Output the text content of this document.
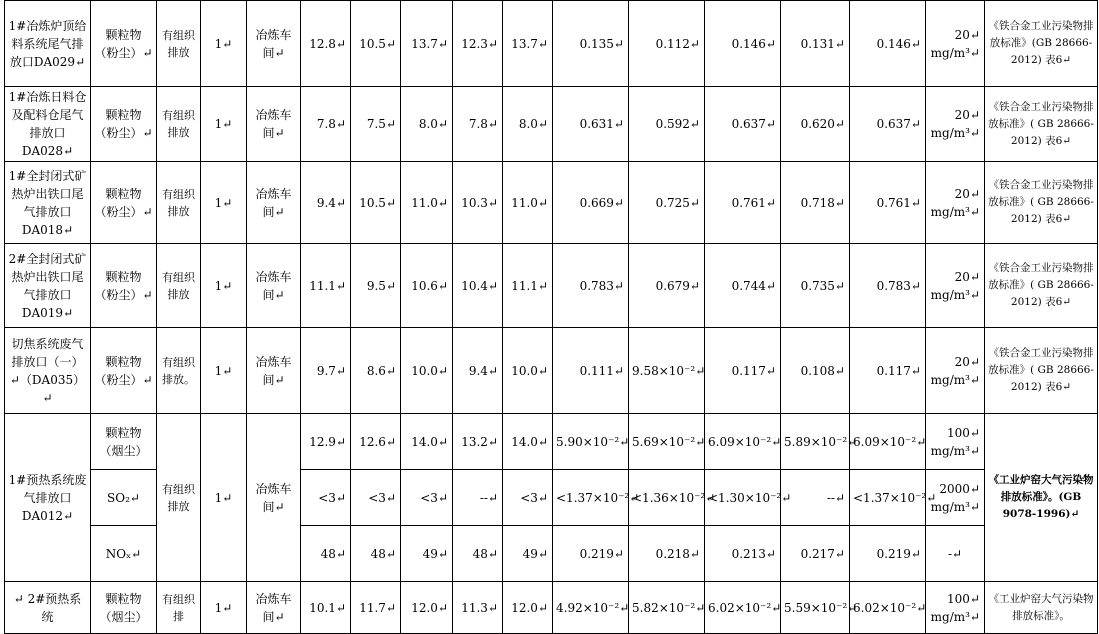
1#冶炼炉顶给料系统尾气排放口DA029↵	颗粒物（粉尘）↵	有组织排放	1↵	冶炼车间↵	12.8↵	10.5↵	13.7↵	12.3↵	13.7↵	0.135↵	0.112↵	0.146↵	0.131↵	0.146↵	20↵ mg/m³↵	《铁合金工业污染物排放标准》(GB 28666-2012) 表6↵
1#冶炼日料仓及配料仓尾气排放口DA028↵	颗粒物（粉尘）↵	有组织排放	1↵	冶炼车间↵	7.8↵	7.5↵	8.0↵	7.8↵	8.0↵	0.631↵	0.592↵	0.637↵	0.620↵	0.637↵	20↵ mg/m³↵	《铁合金工业污染物排放标准》( GB 28666-2012) 表6↵
1#全封闭式矿热炉出铁口尾气排放口DA018↵	颗粒物（粉尘）↵	有组织排放	1↵	冶炼车间↵	9.4↵	10.5↵	11.0↵	10.3↵	11.0↵	0.669↵	0.725↵	0.761↵	0.718↵	0.761↵	20↵ mg/m³↵	《铁合金工业污染物排放标准》( GB 28666-2012) 表6↵
2#全封闭式矿热炉出铁口尾气排放口DA019↵	颗粒物（粉尘）↵	有组织排放	1↵	冶炼车间↵	11.1↵	9.5↵	10.6↵	10.4↵	11.1↵	0.783↵	0.679↵	0.744↵	0.735↵	0.783↵	20↵ mg/m³↵	《铁合金工业污染物排放标准》( GB 28666-2012) 表6↵
切焦系统废气排放口（一）↵（DA035）↵	颗粒物（粉尘）↵	有组织排放。	1↵	冶炼车间↵	9.7↵	8.6↵	10.0↵	9.4↵	10.0↵	0.111↵	9.58×10⁻²↵	0.117↵	0.108↵	0.117↵	20↵ mg/m³↵	《铁合金工业污染物排放标准》( GB 28666-2012) 表6↵
1#预热系统废气排放口DA012↵	颗粒物（烟尘）	有组织排放	1↵	冶炼车间↵	12.9↵	12.6↵	14.0↵	13.2↵	14.0↵	5.90×10⁻²↵	5.69×10⁻²↵	6.09×10⁻²↵	5.89×10⁻²↵	6.09×10⁻²↵	100↵ mg/m³↵	《工业炉窑大气污染物排放标准》。(GB 9078-1996)↵
	SO₂↵				<3↵	<3↵	<3↵	--↵	<3↵	<1.37×10⁻²↵	<1.36×10⁻²↵	<1.30×10⁻²↵	--↵	<1.37×10⁻²↵	2000↵ mg/m³↵	
	NOₓ↵				48↵	48↵	49↵	48↵	49↵	0.219↵	0.218↵	0.213↵	0.217↵	0.219↵	-↵	
↵ 2#预热系统	颗粒物（烟尘）	有组织排	1↵	冶炼车间↵	10.1↵	11.7↵	12.0↵	11.3↵	12.0↵	4.92×10⁻²↵	5.82×10⁻²↵	6.02×10⁻²↵	5.59×10⁻²↵	6.02×10⁻²↵	100↵ mg/m³↵	《工业炉窑大气污染物排放标准》。
